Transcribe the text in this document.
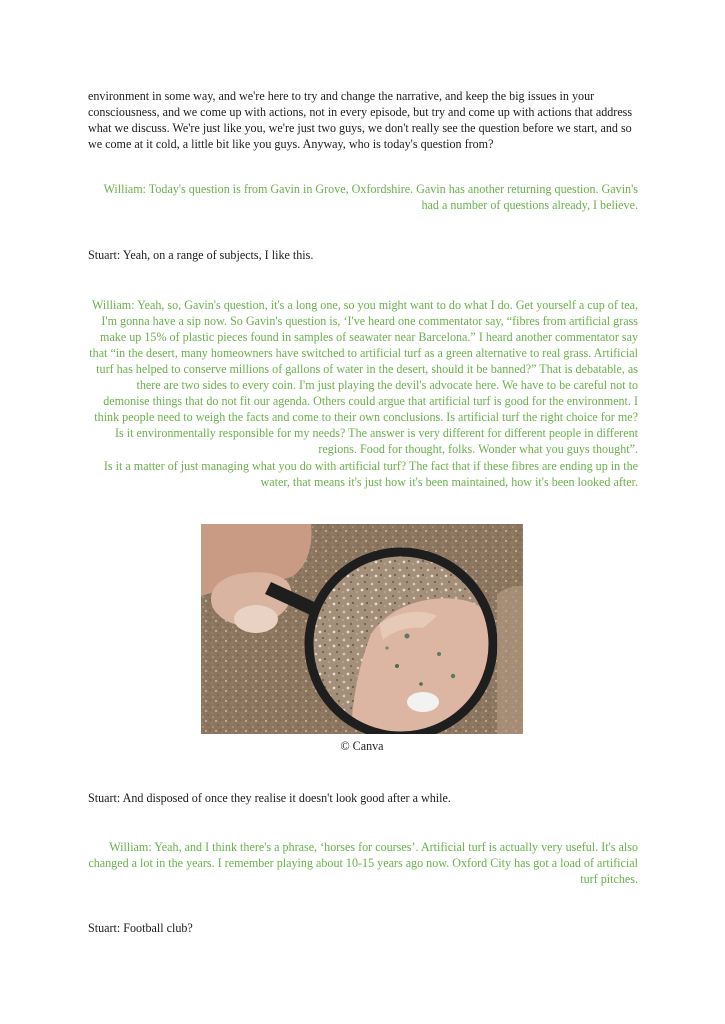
environment in some way, and we're here to try and change the narrative, and keep the big issues in your consciousness, and we come up with actions, not in every episode, but try and come up with actions that address what we discuss. We're just like you, we're just two guys, we don't really see the question before we start, and so we come at it cold, a little bit like you guys. Anyway, who is today's question from?

William: Today's question is from Gavin in Grove, Oxfordshire. Gavin has another returning question. Gavin's had a number of questions already, I believe.

Stuart: Yeah, on a range of subjects, I like this.

William: Yeah, so, Gavin's question, it's a long one, so you might want to do what I do. Get yourself a cup of tea, I'm gonna have a sip now. So Gavin's question is, ‘I've heard one commentator say, “fibres from artificial grass make up 15% of plastic pieces found in samples of seawater near Barcelona.” I heard another commentator say that “in the desert, many homeowners have switched to artificial turf as a green alternative to real grass. Artificial turf has helped to conserve millions of gallons of water in the desert, should it be banned?” That is debatable, as there are two sides to every coin. I'm just playing the devil's advocate here. We have to be careful not to demonise things that do not fit our agenda. Others could argue that artificial turf is good for the environment. I think people need to weigh the facts and come to their own conclusions. Is artificial turf the right choice for me? Is it environmentally responsible for my needs? The answer is very different for different people in different regions. Food for thought, folks. Wonder what you guys thought”.

Is it a matter of just managing what you do with artificial turf? The fact that if these fibres are ending up in the water, that means it's just how it's been maintained, how it's been looked after.

© Canva

Stuart: And disposed of once they realise it doesn't look good after a while.

William: Yeah, and I think there's a phrase, ‘horses for courses’. Artificial turf is actually very useful. It's also changed a lot in the years. I remember playing about 10-15 years ago now. Oxford City has got a load of artificial turf pitches.

Stuart: Football club?
